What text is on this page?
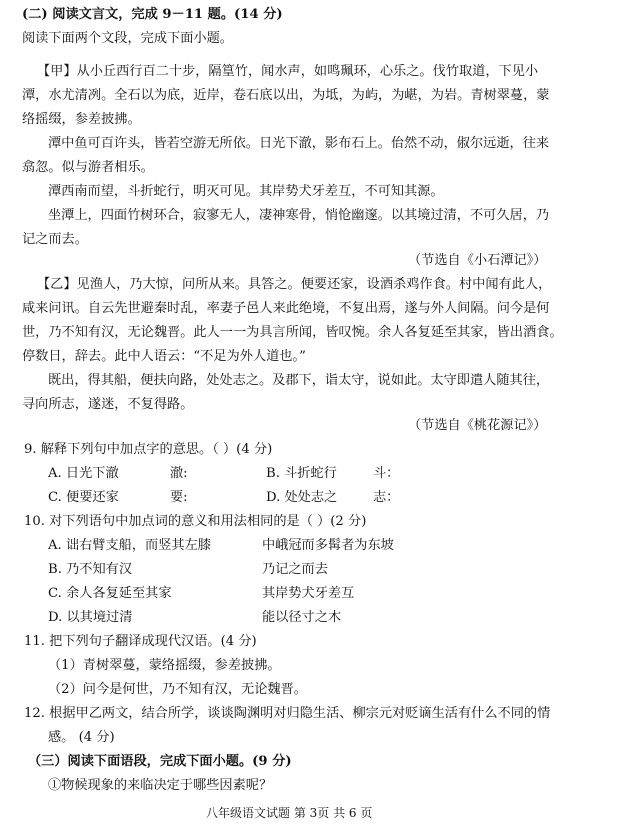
(二) 阅读文言文，完成 9－11 题。(14 分)
阅读下面两个文段，完成下面小题。
【甲】从小丘西行百二十步，隔篁竹，闻水声，如鸣珮环，心乐之。伐竹取道，下见小
潭，水尤清冽。全石以为底，近岸，卷石底以出，为坻，为屿，为嵁，为岩。青树翠蔓，蒙
络摇缀，参差披拂。
潭中鱼可百许头，皆若空游无所依。日光下澈，影布石上。佁然不动，俶尔远逝，往来
翕忽。似与游者相乐。
潭西南而望，斗折蛇行，明灭可见。其岸势犬牙差互，不可知其源。
坐潭上，四面竹树环合，寂寥无人，凄神寒骨，悄怆幽邃。以其境过清，不可久居，乃
记之而去。
（节选自《小石潭记》）
【乙】见渔人，乃大惊，问所从来。具答之。便要还家，设酒杀鸡作食。村中闻有此人，
咸来问讯。自云先世避秦时乱，率妻子邑人来此绝境，不复出焉，遂与外人间隔。问今是何
世，乃不知有汉，无论魏晋。此人一一为具言所闻，皆叹惋。余人各复延至其家，皆出酒食。
停数日，辞去。此中人语云：“不足为外人道也。”
既出，得其船，便扶向路，处处志之。及郡下，诣太守，说如此。太守即遣人随其往，
寻向所志，遂迷，不复得路。
（节选自《桃花源记》）
9. 解释下列句中加点字的意思。（ ）(4 分)
A. 日光下澈	澈:	B. 斗折蛇行	斗：
C. 便要还家	要:	D. 处处志之	志：
10. 对下列语句中加点词的意义和用法相同的是（ ）(2 分)
A. 诎右臂支船，而竖其左膝	中峨冠而多髯者为东坡
B. 乃不知有汉	乃记之而去
C. 余人各复延至其家	其岸势犬牙差互
D. 以其境过清	能以径寸之木
11. 把下列句子翻译成现代汉语。(4 分)
（1）青树翠蔓，蒙络摇缀，参差披拂。
（2）问今是何世，乃不知有汉，无论魏晋。
12. 根据甲乙两文，结合所学，谈谈陶渊明对归隐生活、柳宗元对贬谪生活有什么不同的情
感。 (4 分)
（三）阅读下面语段，完成下面小题。(9 分)
①物候现象的来临决定于哪些因素呢？
八年级语文试题 第 3页 共 6 页
